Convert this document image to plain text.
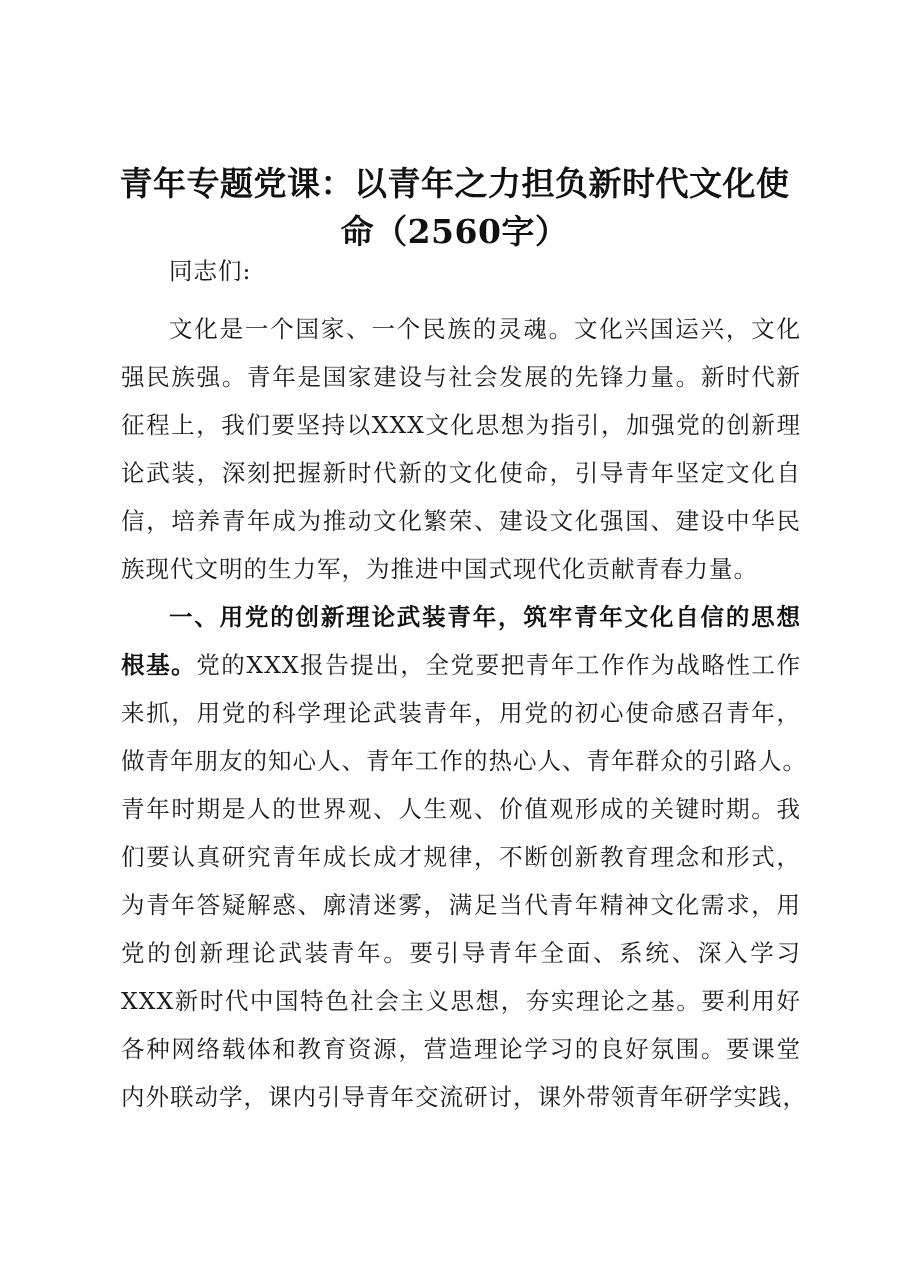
青年专题党课：以青年之力担负新时代文化使
命（2560字）
同志们:
文化是一个国家、一个民族的灵魂。文化兴国运兴，文化
强民族强。青年是国家建设与社会发展的先锋力量。新时代新
征程上，我们要坚持以XXX文化思想为指引，加强党的创新理
论武装，深刻把握新时代新的文化使命，引导青年坚定文化自
信，培养青年成为推动文化繁荣、建设文化强国、建设中华民
族现代文明的生力军，为推进中国式现代化贡献青春力量。
一、用党的创新理论武装青年，筑牢青年文化自信的思想
根基。党的XXX报告提出，全党要把青年工作作为战略性工作
来抓，用党的科学理论武装青年，用党的初心使命感召青年，
做青年朋友的知心人、青年工作的热心人、青年群众的引路人。
青年时期是人的世界观、人生观、价值观形成的关键时期。我
们要认真研究青年成长成才规律，不断创新教育理念和形式，
为青年答疑解惑、廓清迷雾，满足当代青年精神文化需求，用
党的创新理论武装青年。要引导青年全面、系统、深入学习
XXX新时代中国特色社会主义思想，夯实理论之基。要利用好
各种网络载体和教育资源，营造理论学习的良好氛围。要课堂
内外联动学，课内引导青年交流研讨，课外带领青年研学实践，
